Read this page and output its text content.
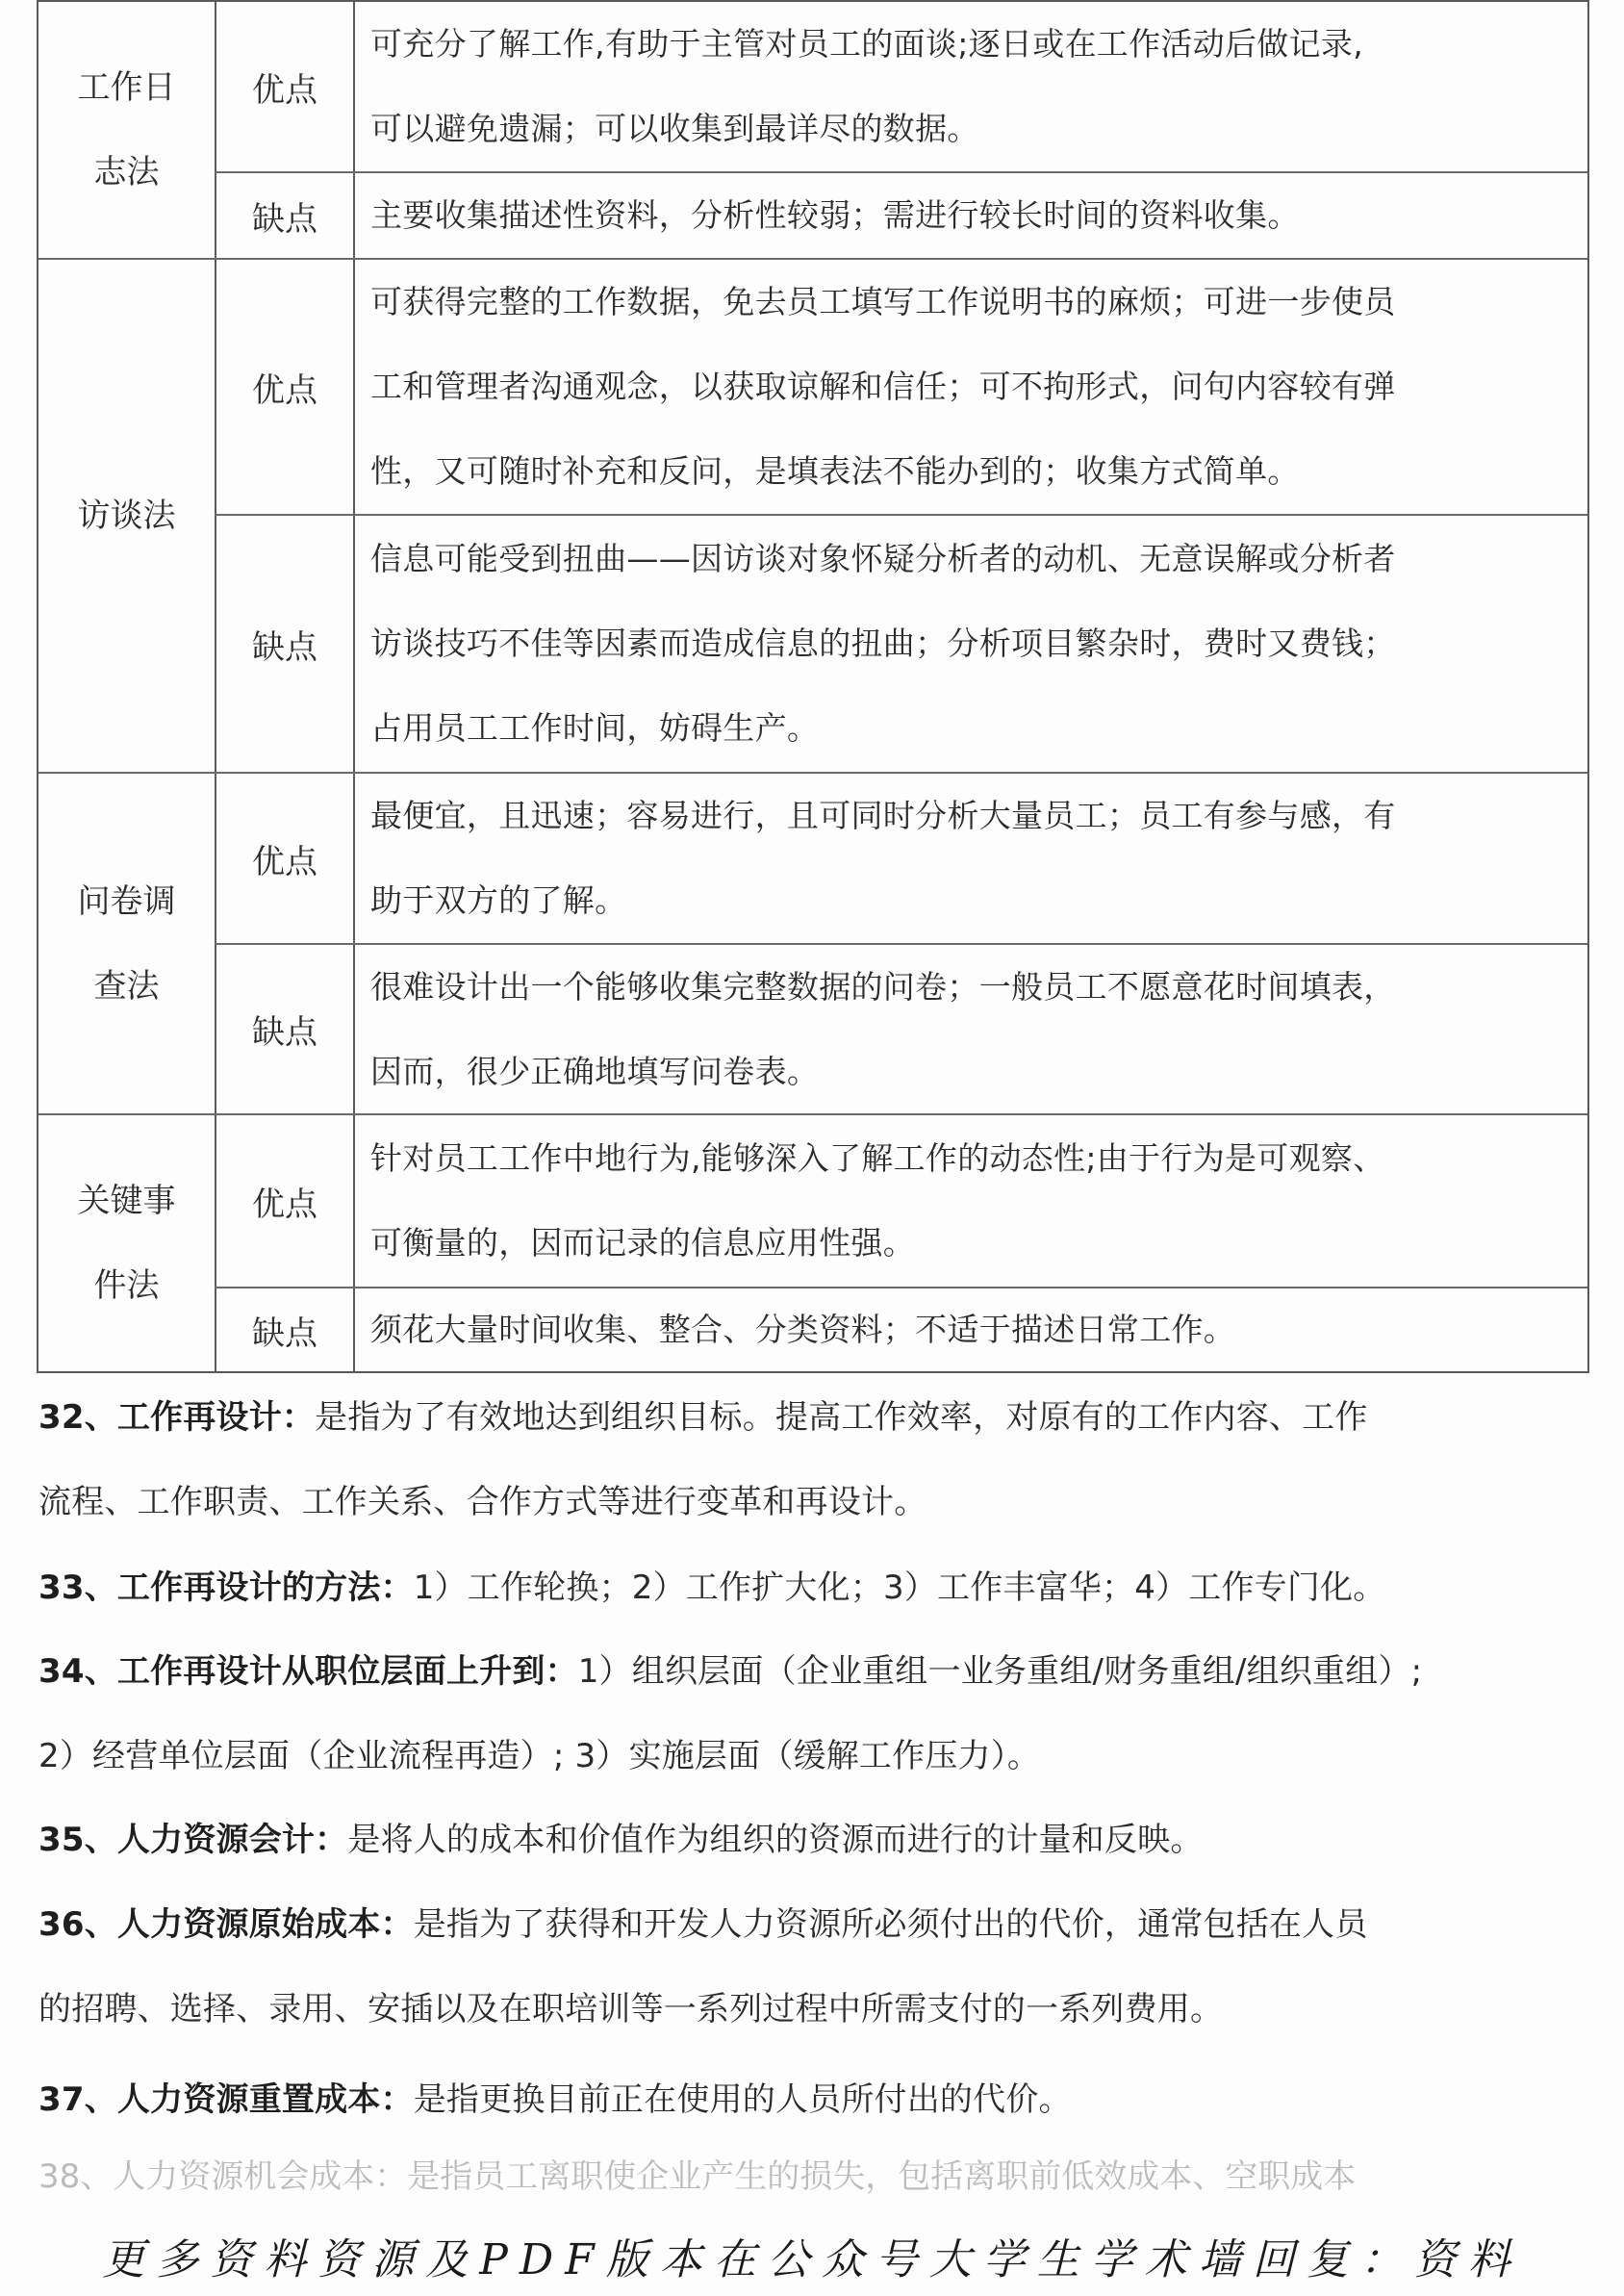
工作日
志法
优点
可充分了解工作,有助于主管对员工的面谈;逐日或在工作活动后做记录,
可以避免遗漏；可以收集到最详尽的数据。
缺点 主要收集描述性资料，分析性较弱；需进行较长时间的资料收集。
访谈法
优点
可获得完整的工作数据，免去员工填写工作说明书的麻烦；可进一步使员
工和管理者沟通观念，以获取谅解和信任；可不拘形式，问句内容较有弹
性，又可随时补充和反问，是填表法不能办到的；收集方式简单。
缺点
信息可能受到扭曲——因访谈对象怀疑分析者的动机、无意误解或分析者
访谈技巧不佳等因素而造成信息的扭曲；分析项目繁杂时，费时又费钱；
占用员工工作时间，妨碍生产。
问卷调
查法
优点
最便宜，且迅速；容易进行，且可同时分析大量员工；员工有参与感，有
助于双方的了解。
缺点
很难设计出一个能够收集完整数据的问卷；一般员工不愿意花时间填表，
因而，很少正确地填写问卷表。
关键事
件法
优点
针对员工工作中地行为,能够深入了解工作的动态性;由于行为是可观察、
可衡量的，因而记录的信息应用性强。
缺点 须花大量时间收集、整合、分类资料；不适于描述日常工作。
32、工作再设计：是指为了有效地达到组织目标。提高工作效率，对原有的工作内容、工作
流程、工作职责、工作关系、合作方式等进行变革和再设计。
33、工作再设计的方法：1）工作轮换；2）工作扩大化；3）工作丰富华；4）工作专门化。
34、工作再设计从职位层面上升到：1）组织层面（企业重组一业务重组/财务重组/组织重组）;
2）经营单位层面（企业流程再造）; 3）实施层面（缓解工作压力）。
35、人力资源会计：是将人的成本和价值作为组织的资源而进行的计量和反映。
36、人力资源原始成本：是指为了获得和开发人力资源所必须付出的代价，通常包括在人员
的招聘、选择、录用、安插以及在职培训等一系列过程中所需支付的一系列费用。
37、人力资源重置成本：是指更换目前正在使用的人员所付出的代价。
38、人力资源机会成本：是指员工离职使企业产生的损失，包括离职前低效成本、空职成本
更多资料资源及PDF版本在公众号大学生学术墙回复：资料
